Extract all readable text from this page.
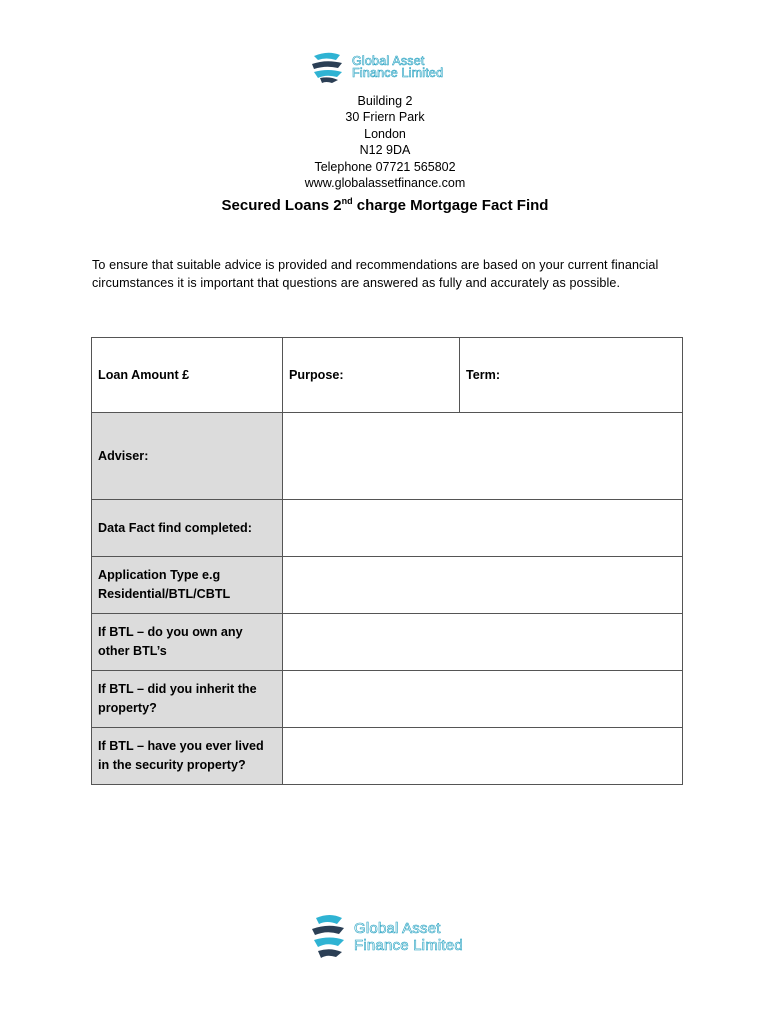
Global Asset
Finance Limited
Building 2
30 Friern Park
London
N12 9DA
Telephone 07721 565802
www.globalassetfinance.com
Secured Loans 2nd charge Mortgage Fact Find
To ensure that suitable advice is provided and recommendations are based on your current financial circumstances it is important that questions are answered as fully and accurately as possible.
Loan Amount £	Purpose:	Term:
Adviser:		
Data Fact find completed:		
Application Type e.g Residential/BTL/CBTL		
If BTL – do you own any other BTL’s		
If BTL – did you inherit the property?		
If BTL – have you ever lived in the security property?		
Global Asset
Finance Limited
